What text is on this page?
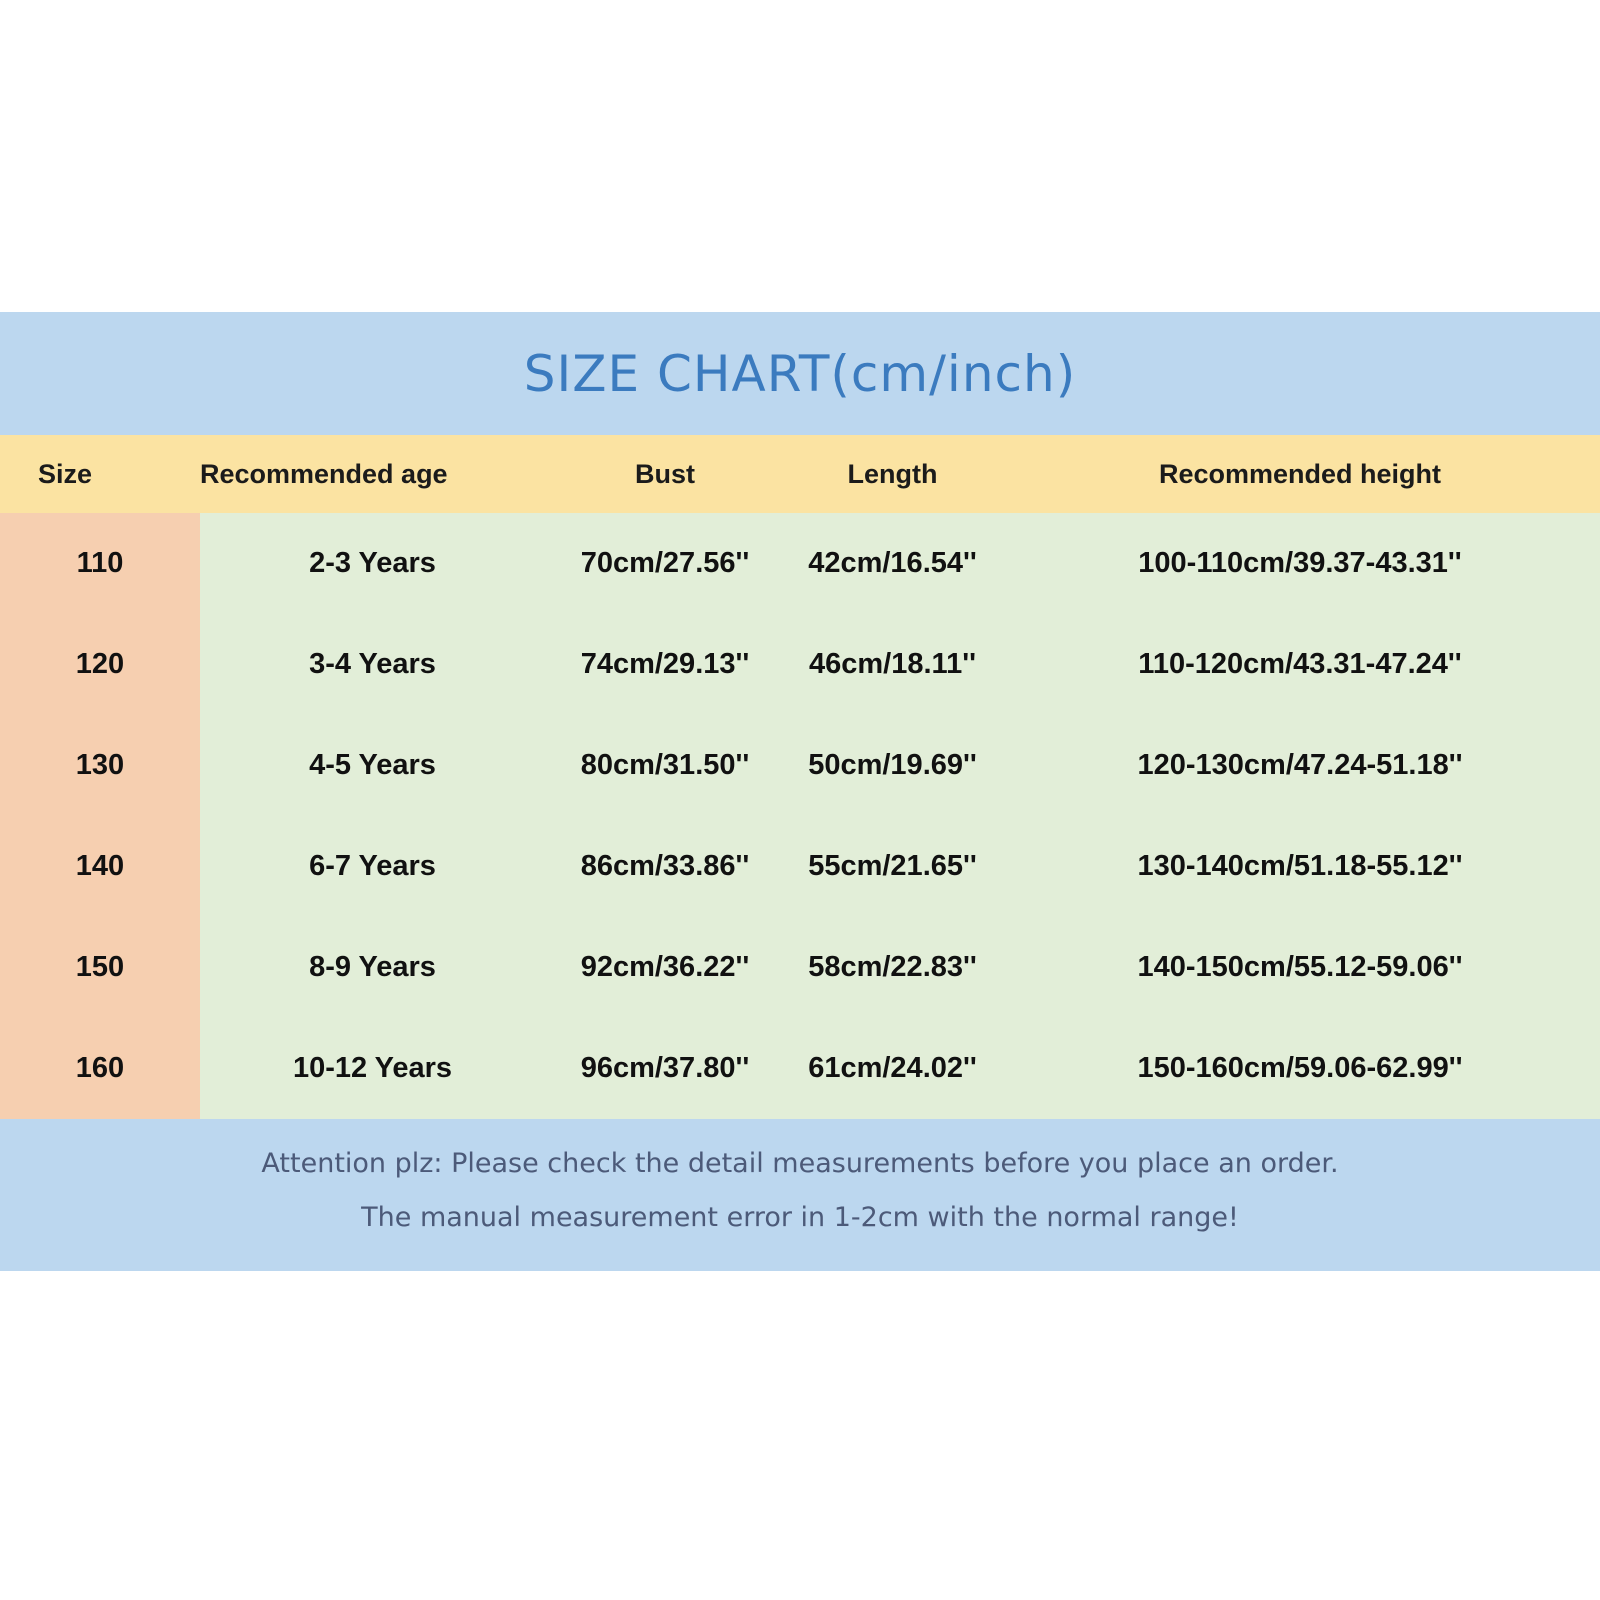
SIZE CHART(cm/inch)
Size	Recommended age	Bust	Length	Recommended height
110	2-3 Years	70cm/27.56''	42cm/16.54''	100-110cm/39.37-43.31''
120	3-4 Years	74cm/29.13''	46cm/18.11''	110-120cm/43.31-47.24''
130	4-5 Years	80cm/31.50''	50cm/19.69''	120-130cm/47.24-51.18''
140	6-7 Years	86cm/33.86''	55cm/21.65''	130-140cm/51.18-55.12''
150	8-9 Years	92cm/36.22''	58cm/22.83''	140-150cm/55.12-59.06''
160	10-12 Years	96cm/37.80''	61cm/24.02''	150-160cm/59.06-62.99''
Attention plz: Please check the detail measurements before you place an order.
The manual measurement error in 1-2cm with the normal range!
